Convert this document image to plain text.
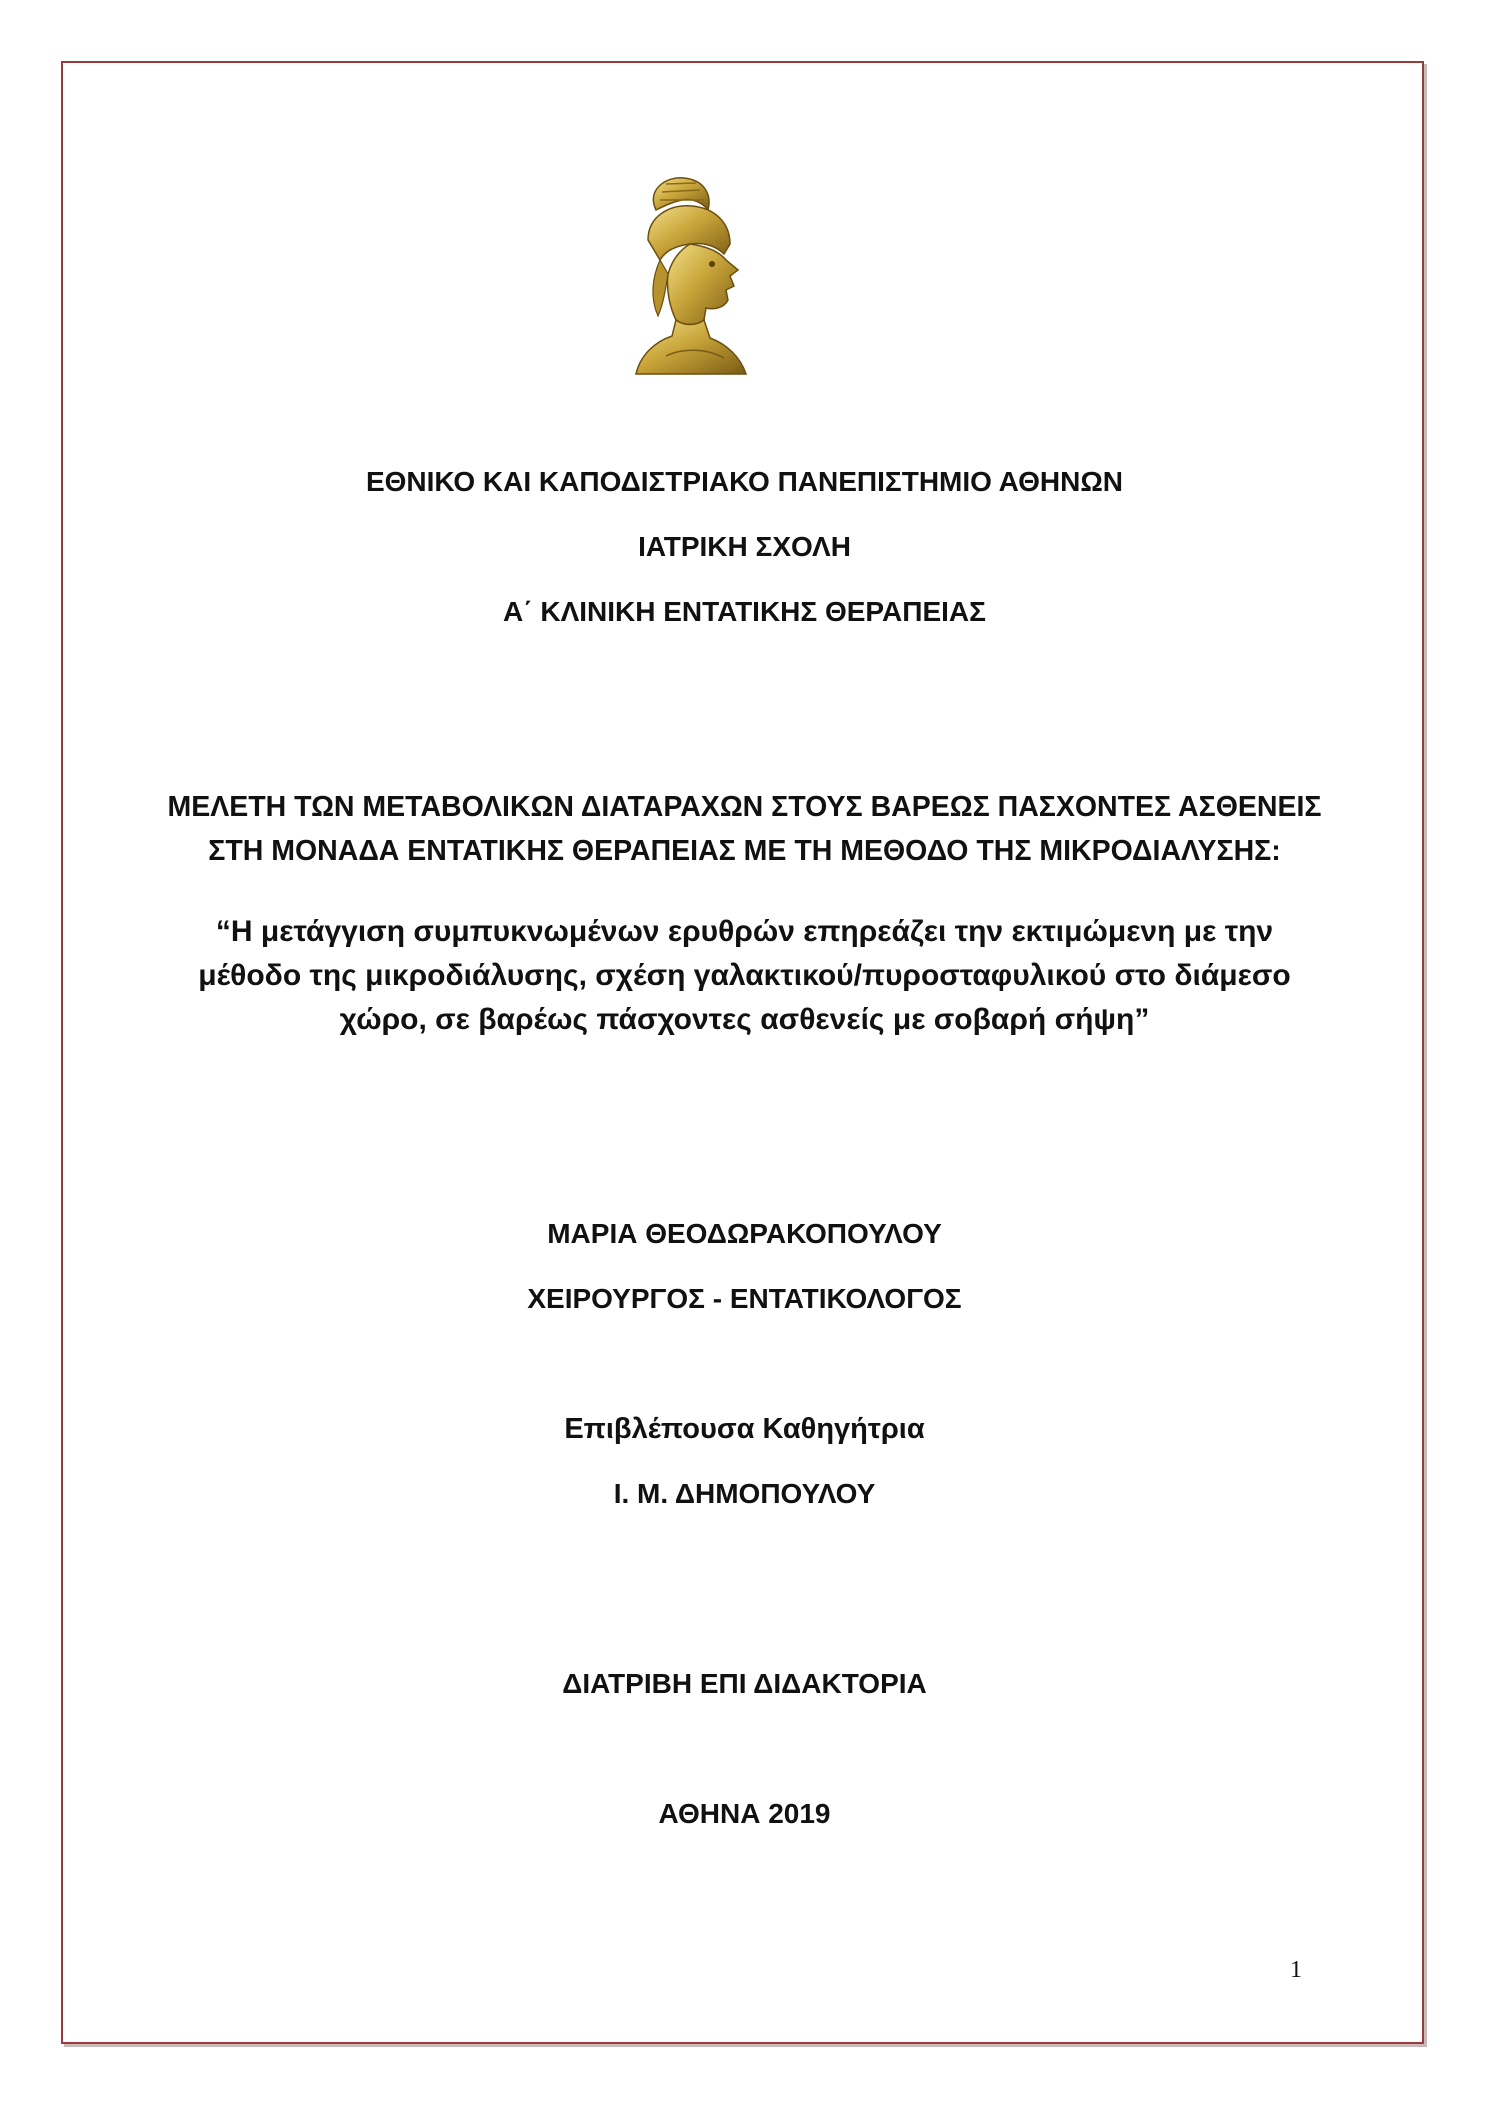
ΕΘΝΙΚΟ ΚΑΙ ΚΑΠΟΔΙΣΤΡΙΑΚΟ ΠΑΝΕΠΙΣΤΗΜΙΟ ΑΘΗΝΩΝ
ΙΑΤΡΙΚΗ ΣΧΟΛΗ
Α΄ ΚΛΙΝΙΚΗ ΕΝΤΑΤΙΚΗΣ ΘΕΡΑΠΕΙΑΣ
ΜΕΛΕΤΗ ΤΩΝ ΜΕΤΑΒΟΛΙΚΩΝ ΔΙΑΤΑΡΑΧΩΝ ΣΤΟΥΣ ΒΑΡΕΩΣ ΠΑΣΧΟΝΤΕΣ ΑΣΘΕΝΕΙΣ
ΣΤΗ ΜΟΝΑΔΑ ΕΝΤΑΤΙΚΗΣ ΘΕΡΑΠΕΙΑΣ ΜΕ ΤΗ ΜΕΘΟΔΟ ΤΗΣ ΜΙΚΡΟΔΙΑΛΥΣΗΣ:
“Η μετάγγιση συμπυκνωμένων ερυθρών επηρεάζει την εκτιμώμενη με την
μέθοδο της μικροδιάλυσης, σχέση γαλακτικού/πυροσταφυλικού στο διάμεσο
χώρο, σε βαρέως πάσχοντες ασθενείς με σοβαρή σήψη”
ΜΑΡΙΑ ΘΕΟΔΩΡΑΚΟΠΟΥΛΟΥ
ΧΕΙΡΟΥΡΓΟΣ - ΕΝΤΑΤΙΚΟΛΟΓΟΣ
Επιβλέπουσα Καθηγήτρια
Ι. Μ. ΔΗΜΟΠΟΥΛΟΥ
ΔΙΑΤΡΙΒΗ ΕΠΙ ΔΙΔΑΚΤΟΡΙΑ
ΑΘΗΝΑ 2019
1
